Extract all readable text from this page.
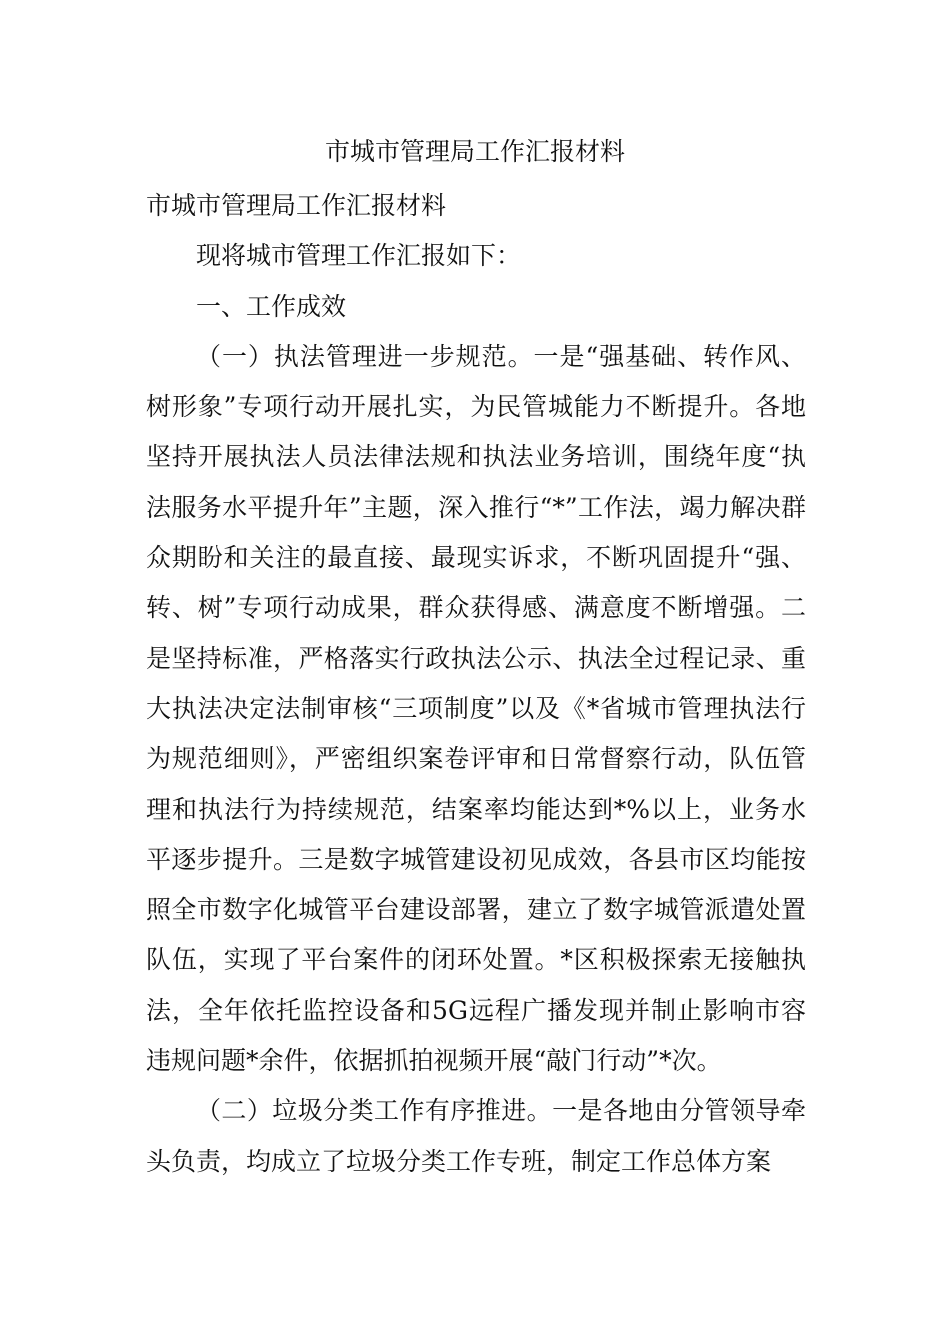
市城市管理局工作汇报材料

市城市管理局工作汇报材料

现将城市管理工作汇报如下：

一、工作成效

（一）执法管理进一步规范。一是“强基础、转作风、树形象”专项行动开展扎实，为民管城能力不断提升。各地坚持开展执法人员法律法规和执法业务培训，围绕年度“执法服务水平提升年”主题，深入推行“*”工作法，竭力解决群众期盼和关注的最直接、最现实诉求，不断巩固提升“强、转、树”专项行动成果，群众获得感、满意度不断增强。二是坚持标准，严格落实行政执法公示、执法全过程记录、重大执法决定法制审核“三项制度”以及《*省城市管理执法行为规范细则》，严密组织案卷评审和日常督察行动，队伍管理和执法行为持续规范，结案率均能达到*%以上，业务水平逐步提升。三是数字城管建设初见成效，各县市区均能按照全市数字化城管平台建设部署，建立了数字城管派遣处置队伍，实现了平台案件的闭环处置。*区积极探索无接触执法，全年依托监控设备和5G远程广播发现并制止影响市容违规问题*余件，依据抓拍视频开展“敲门行动”*次。

（二）垃圾分类工作有序推进。一是各地由分管领导牵头负责，均成立了垃圾分类工作专班，制定工作总体方案
